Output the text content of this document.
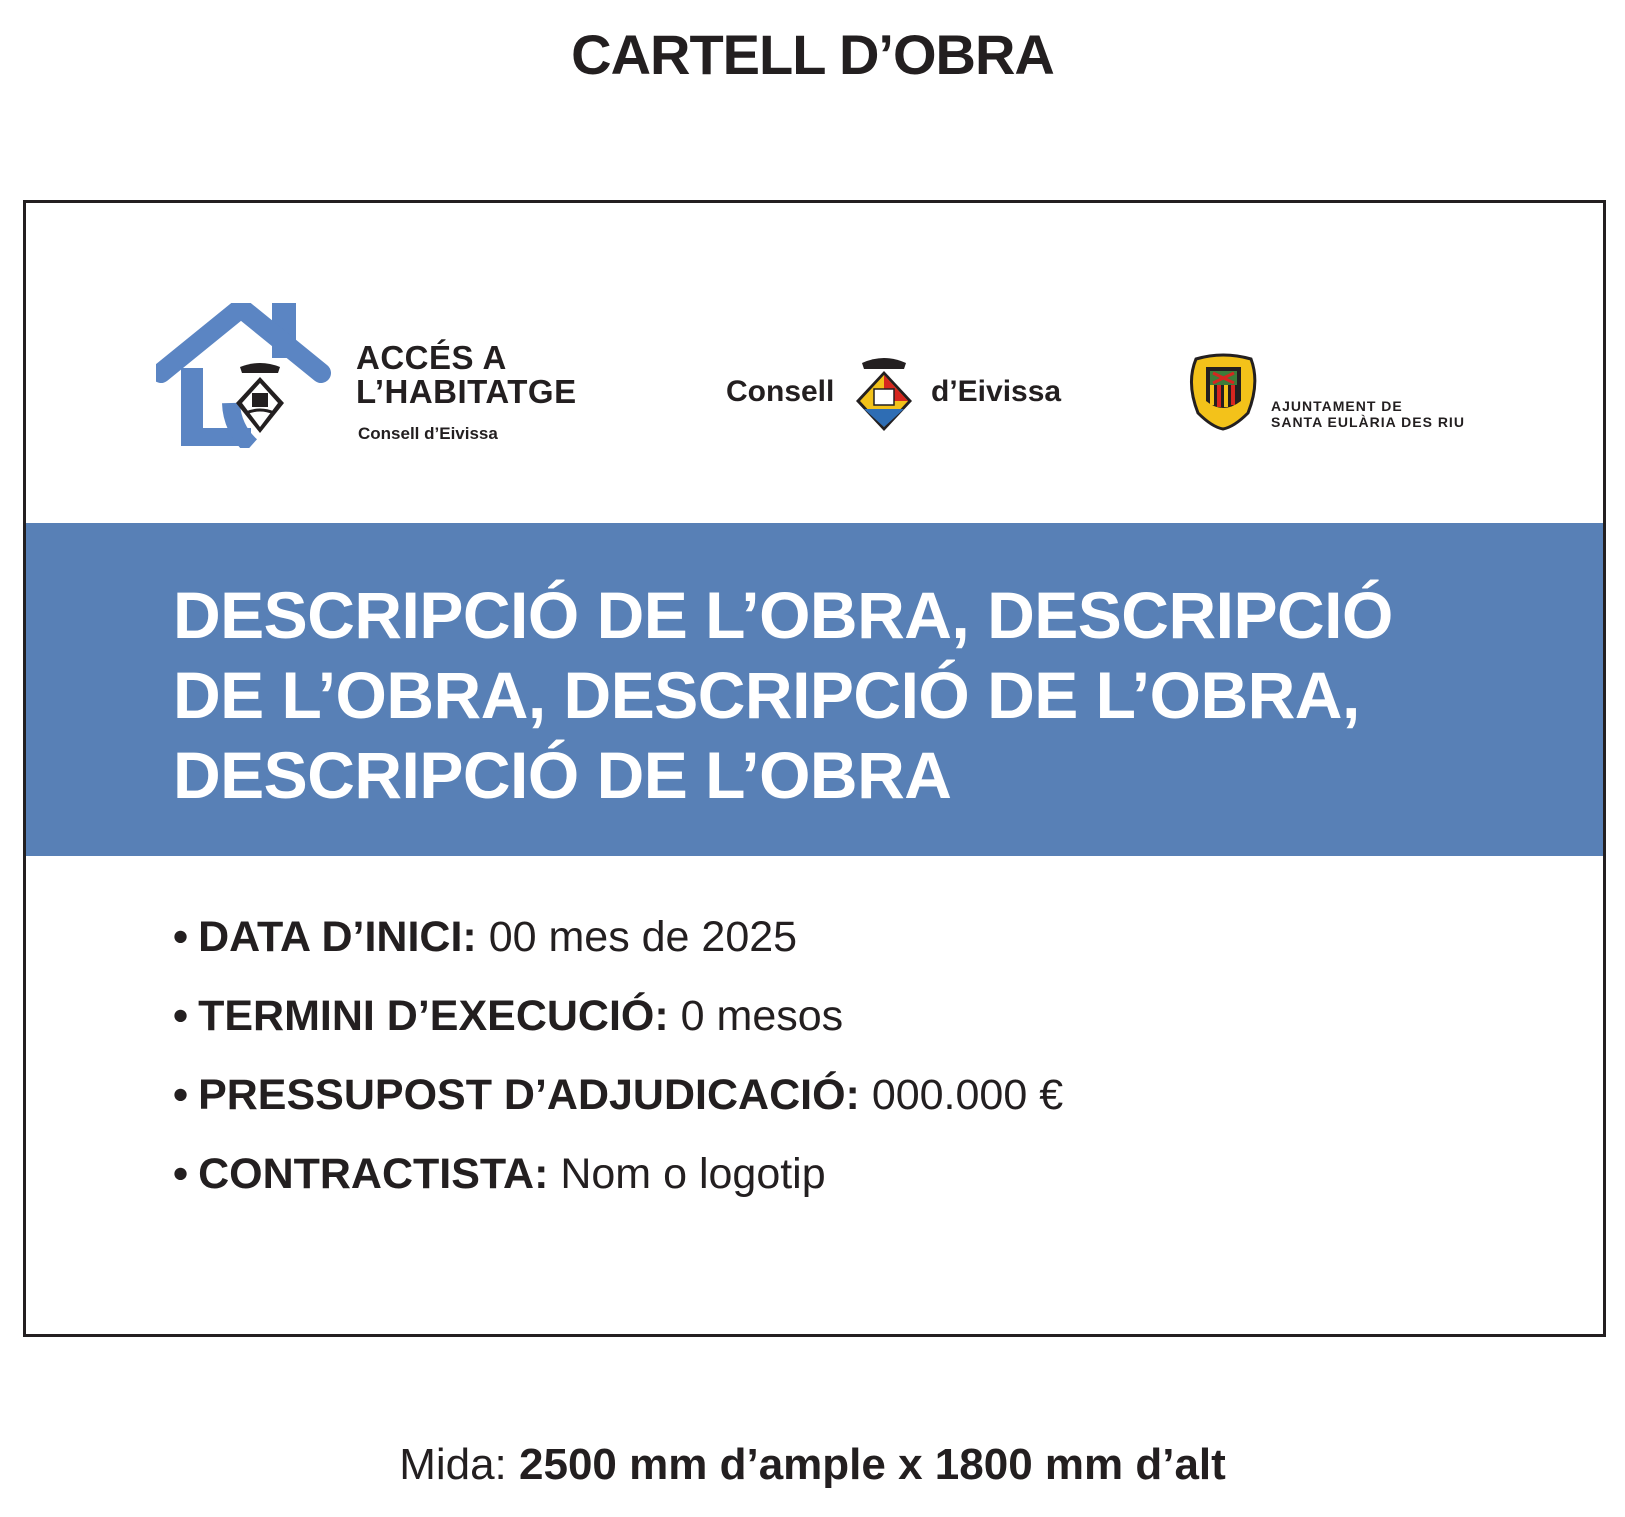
CARTELL D’OBRA
ACCÉS A
L’HABITATGE
Consell d’Eivissa
Consell	d’Eivissa	AJUNTAMENT DE
SANTA EULÀRIA DES RIU
DESCRIPCIÓ DE L’OBRA, DESCRIPCIÓ DE L’OBRA, DESCRIPCIÓ DE L’OBRA, DESCRIPCIÓ DE L’OBRA
• DATA D’INICI: 00 mes de 2025
• TERMINI D’EXECUCIÓ: 0 mesos
• PRESSUPOST D’ADJUDICACIÓ: 000.000 €
• CONTRACTISTA: Nom o logotip
Mida: 2500 mm d’ample x 1800 mm d’alt
